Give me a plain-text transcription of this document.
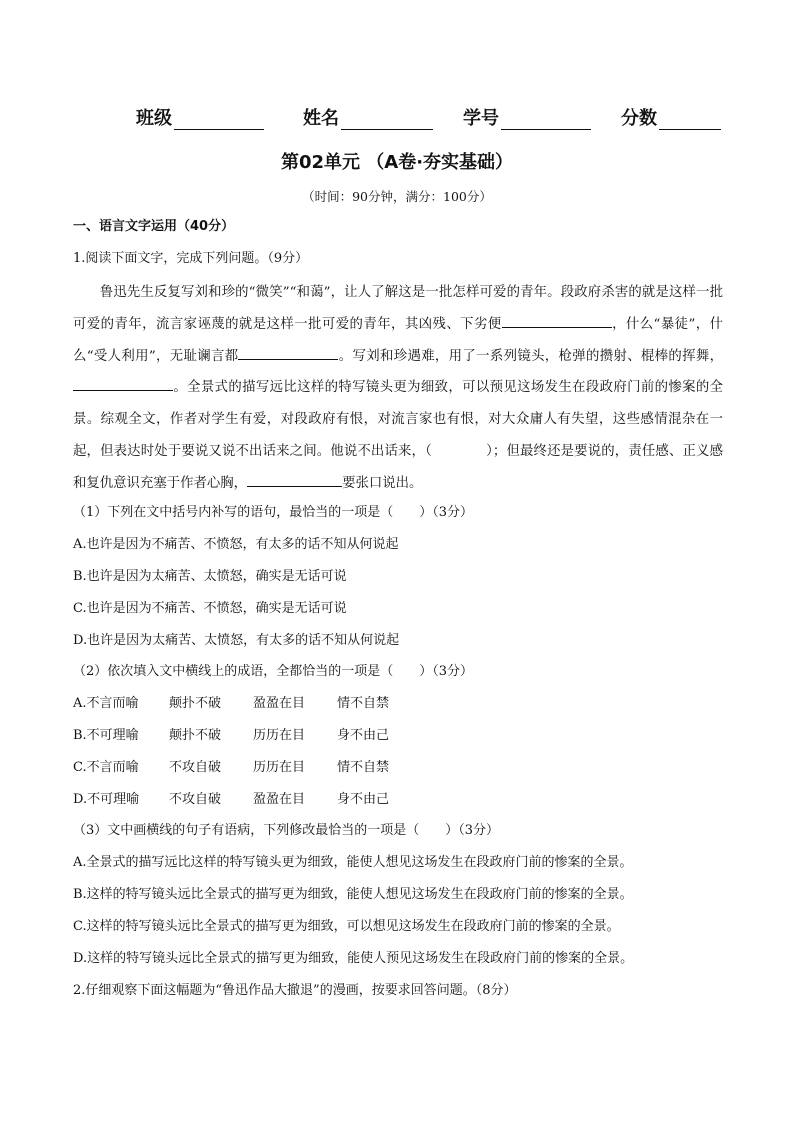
班级	姓名	学号	分数
第02单元 （A卷·夯实基础）
（时间：90分钟，满分：100分）
一、语言文字运用（40分）
1.阅读下面文字，完成下列问题。（9分）
鲁迅先生反复写刘和珍的“微笑”“和蔼”，让人了解这是一批怎样可爱的青年。段政府杀害的就是这样一批可爱的青年，流言家诬蔑的就是这样一批可爱的青年，其凶残、下劣便	，什么“暴徒”，什么“受人利用”，无耻谰言都	。写刘和珍遇难，用了一系列镜头，枪弹的攒射、棍棒的挥舞，。全景式的描写远比这样的特写镜头更为细致，可以预见这场发生在段政府门前的惨案的全景。综观全文，作者对学生有爱，对段政府有恨，对流言家也有恨，对大众庸人有失望，这些感情混杂在一起，但表达时处于要说又说不出话来之间。他说不出话来，（　　　　）；但最终还是要说的，责任感、正义感和复仇意识充塞于作者心胸，	要张口说出。
（1）下列在文中括号内补写的语句，最恰当的一项是（　　）（3分）
A.也许是因为不痛苦、不愤怒，有太多的话不知从何说起
B.也许是因为太痛苦、太愤怒，确实是无话可说
C.也许是因为不痛苦、不愤怒，确实是无话可说
D.也许是因为太痛苦、太愤怒，有太多的话不知从何说起
（2）依次填入文中横线上的成语，全都恰当的一项是（　　）（3分）
A.不言而喻 颠扑不破 盈盈在目 情不自禁
B.不可理喻 颠扑不破 历历在目 身不由己
C.不言而喻 不攻自破 历历在目 情不自禁
D.不可理喻 不攻自破 盈盈在目 身不由己
（3）文中画横线的句子有语病，下列修改最恰当的一项是（　　）（3分）
A.全景式的描写远比这样的特写镜头更为细致，能使人想见这场发生在段政府门前的惨案的全景。
B.这样的特写镜头远比全景式的描写更为细致，能使人想见这场发生在段政府门前的惨案的全景。
C.这样的特写镜头远比全景式的描写更为细致，可以想见这场发生在段政府门前的惨案的全景。
D.这样的特写镜头远比全景式的描写更为细致，能使人预见这场发生在段政府门前的惨案的全景。
2.仔细观察下面这幅题为“鲁迅作品大撤退”的漫画，按要求回答问题。（8分）
